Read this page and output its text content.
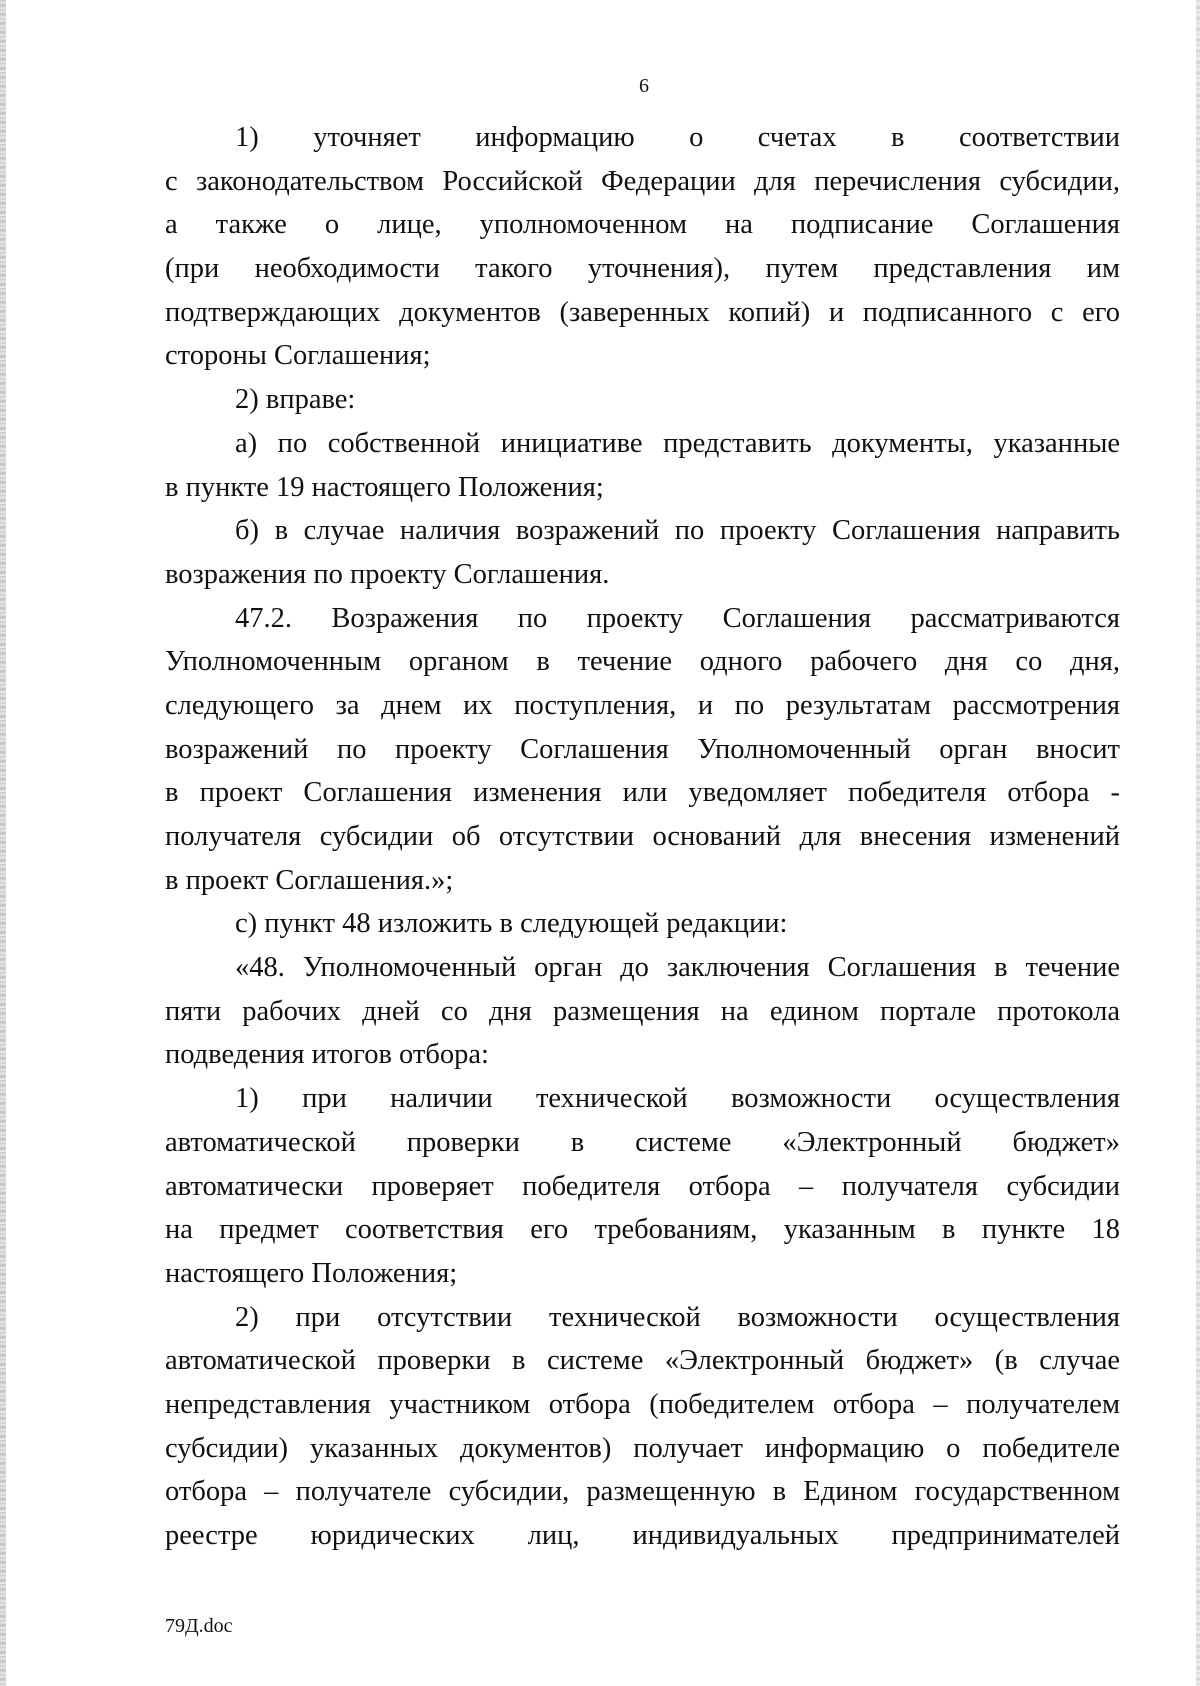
6
1) уточняет информацию о счетах в соответствии
с законодательством Российской Федерации для перечисления субсидии,
а также о лице, уполномоченном на подписание Соглашения
(при необходимости такого уточнения), путем представления им
подтверждающих документов (заверенных копий) и подписанного с его
стороны Соглашения;
2) вправе:
а) по собственной инициативе представить документы, указанные
в пункте 19 настоящего Положения;
б) в случае наличия возражений по проекту Соглашения направить
возражения по проекту Соглашения.
47.2. Возражения по проекту Соглашения рассматриваются
Уполномоченным органом в течение одного рабочего дня со дня,
следующего за днем их поступления, и по результатам рассмотрения
возражений по проекту Соглашения Уполномоченный орган вносит
в проект Соглашения изменения или уведомляет победителя отбора -
получателя субсидии об отсутствии оснований для внесения изменений
в проект Соглашения.»;
с) пункт 48 изложить в следующей редакции:
«48. Уполномоченный орган до заключения Соглашения в течение
пяти рабочих дней со дня размещения на едином портале протокола
подведения итогов отбора:
1) при наличии технической возможности осуществления
автоматической проверки в системе «Электронный бюджет»
автоматически проверяет победителя отбора – получателя субсидии
на предмет соответствия его требованиям, указанным в пункте 18
настоящего Положения;
2) при отсутствии технической возможности осуществления
автоматической проверки в системе «Электронный бюджет» (в случае
непредставления участником отбора (победителем отбора – получателем
субсидии) указанных документов) получает информацию о победителе
отбора – получателе субсидии, размещенную в Едином государственном
реестре юридических лиц, индивидуальных предпринимателей
79Д.doc
